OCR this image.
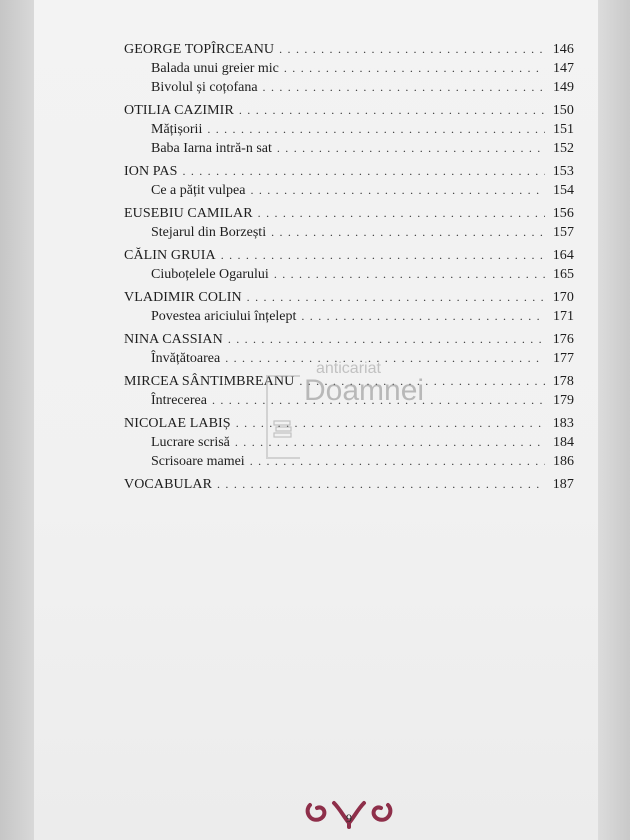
GEORGE TOPÎRCEANU . . .	146
Balada unui greier mic . . .	147
Bivolul și coțofana . . .	149
OTILIA CAZIMIR . . .	150
Mățișorii . . .	151
Baba Iarna intră-n sat . . .	152
ION PAS . . .	153
Ce a pățit vulpea . . .	154
EUSEBIU CAMILAR . . .	156
Stejarul din Borzești . . .	157
CĂLIN GRUIA . . .	164
Ciuboțelele Ogarului . . .	165
VLADIMIR COLIN . . .	170
Povestea ariciului înțelept . . .	171
NINA CASSIAN . . .	176
Învățătoarea . . .	177
MIRCEA SÂNTIMBREANU . . .	178
Întrecerea . . .	179
NICOLAE LABIȘ . . .	183
Lucrare scrisă . . .	184
Scrisoare mamei . . .	186
VOCABULAR . . .	187
anticariat
Doamnei
9
